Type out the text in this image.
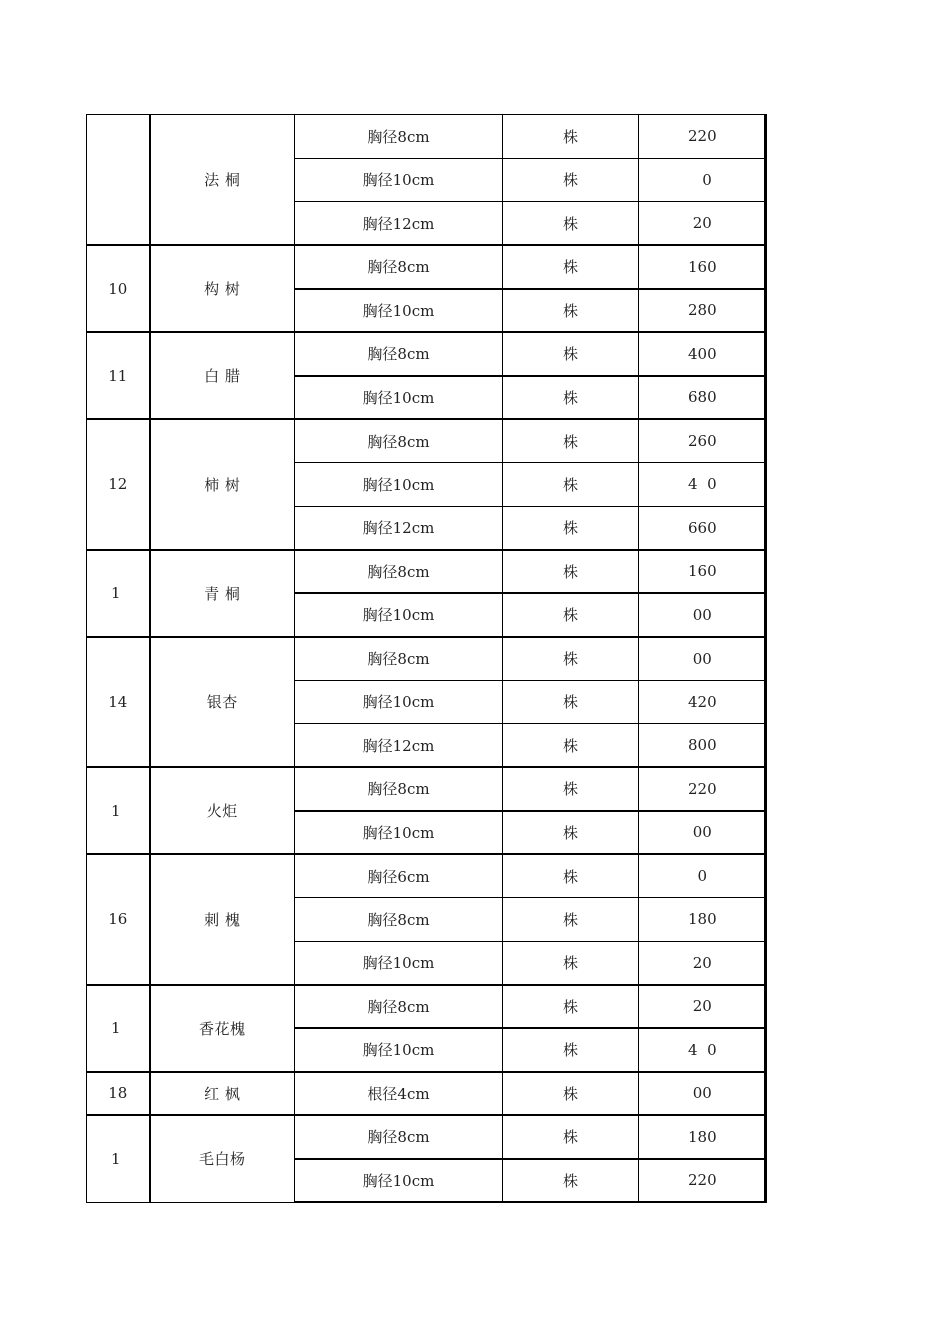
	法 桐	胸径8cm	株	220
		胸径10cm	株	0
		胸径12cm	株	20
10	构 树	胸径8cm	株	160
		胸径10cm	株	280
11	白 腊	胸径8cm	株	400
		胸径10cm	株	680
12	柿 树	胸径8cm	株	260
		胸径10cm	株	4  0
		胸径12cm	株	660
1	青 桐	胸径8cm	株	160
		胸径10cm	株	00
14	银杏	胸径8cm	株	00
		胸径10cm	株	420
		胸径12cm	株	800
1	火炬	胸径8cm	株	220
		胸径10cm	株	00
16	刺 槐	胸径6cm	株	0
		胸径8cm	株	180
		胸径10cm	株	20
1	香花槐	胸径8cm	株	20
		胸径10cm	株	4  0
18	红 枫	根径4cm	株	00
1	毛白杨	胸径8cm	株	180
		胸径10cm	株	220
